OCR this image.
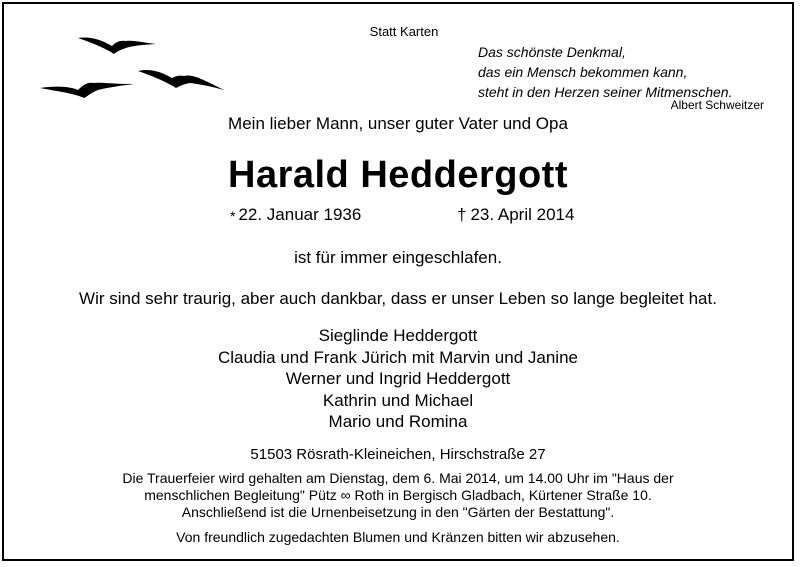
Statt Karten
Das schönste Denkmal,
das ein Mensch bekommen kann,
steht in den Herzen seiner Mitmenschen.
Albert Schweitzer
Mein lieber Mann, unser guter Vater und Opa
Harald Heddergott
* 22. Januar 1936	† 23. April 2014
ist für immer eingeschlafen.
Wir sind sehr traurig, aber auch dankbar, dass er unser Leben so lange begleitet hat.
Sieglinde Heddergott
Claudia und Frank Jürich mit Marvin und Janine
Werner und Ingrid Heddergott
Kathrin und Michael
Mario und Romina
51503 Rösrath-Kleineichen, Hirschstraße 27
Die Trauerfeier wird gehalten am Dienstag, dem 6. Mai 2014, um 14.00 Uhr im "Haus der
menschlichen Begleitung" Pütz ∞ Roth in Bergisch Gladbach, Kürtener Straße 10.
Anschließend ist die Urnenbeisetzung in den "Gärten der Bestattung".
Von freundlich zugedachten Blumen und Kränzen bitten wir abzusehen.
